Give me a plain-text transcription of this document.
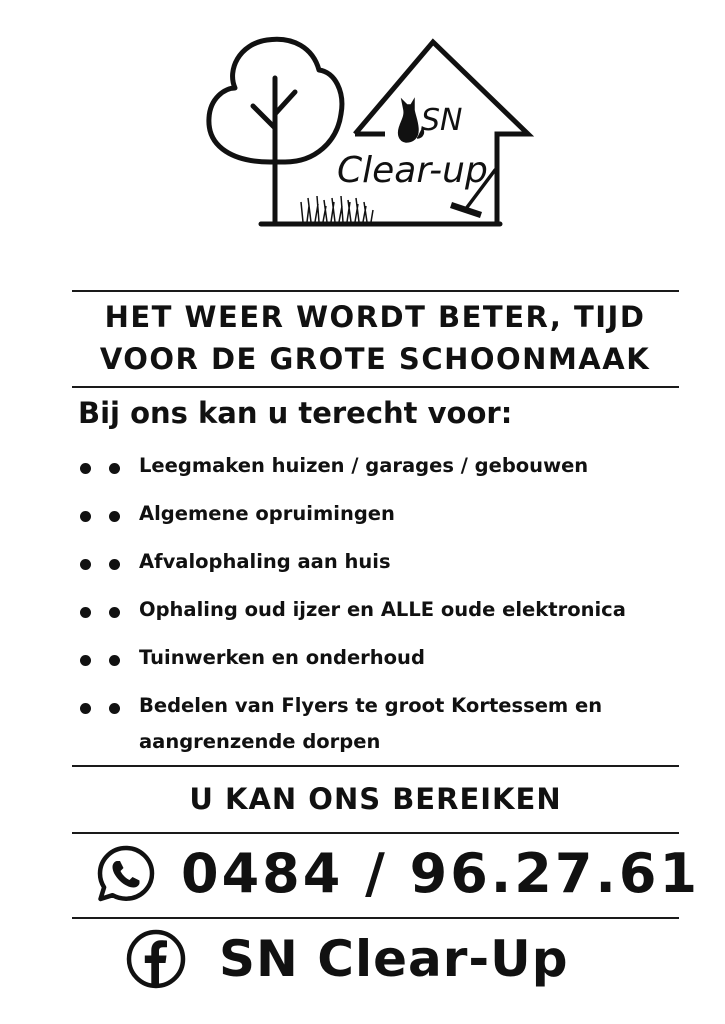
SN
Clear-up
HET WEER WORDT BETER, TIJD
VOOR DE GROTE SCHOONMAAK
Bij ons kan u terecht voor:
Leegmaken huizen / garages / gebouwen
Algemene opruimingen
Afvalophaling aan huis
Ophaling oud ijzer en ALLE oude elektronica
Tuinwerken en onderhoud
Bedelen van Flyers te groot Kortessem en aangrenzende dorpen
U KAN ONS BEREIKEN
0484 / 96.27.61
SN Clear-Up
